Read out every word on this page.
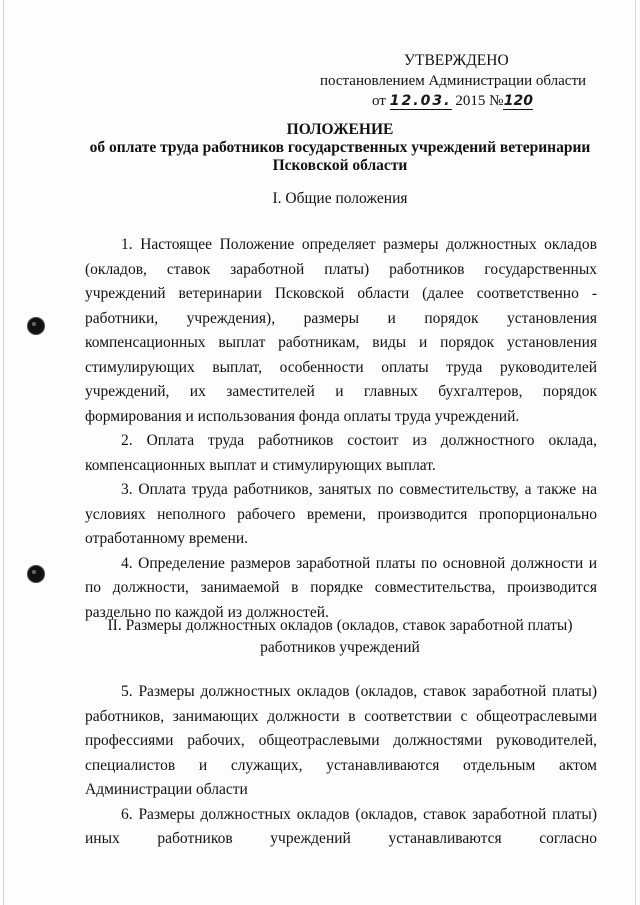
УТВЕРЖДЕНО
постановлением Администрации области
от 12.03. 2015 №120
ПОЛОЖЕНИЕ
об оплате труда работников государственных учреждений ветеринарии
Псковской области
I. Общие положения

1. Настоящее Положение определяет размеры должностных окладов (окладов, ставок заработной платы) работников государственных учреждений ветеринарии Псковской области (далее соответственно - работники, учреждения), размеры и порядок установления компенсационных выплат работникам, виды и порядок установления стимулирующих выплат, особенности оплаты труда руководителей учреждений, их заместителей и главных бухгалтеров, порядок формирования и использования фонда оплаты труда учреждений.

2. Оплата труда работников состоит из должностного оклада, компенсационных выплат и стимулирующих выплат.

3. Оплата труда работников, занятых по совместительству, а также на условиях неполного рабочего времени, производится пропорционально отработанному времени.

4. Определение размеров заработной платы по основной должности и по должности, занимаемой в порядке совместительства, производится раздельно по каждой из должностей.

II. Размеры должностных окладов (окладов, ставок заработной платы)
работников учреждений

5. Размеры должностных окладов (окладов, ставок заработной платы) работников, занимающих должности в соответствии с общеотраслевыми профессиями рабочих, общеотраслевыми должностями руководителей, специалистов и служащих, устанавливаются отдельным актом Администрации области

6. Размеры должностных окладов (окладов, ставок заработной платы) иных работников учреждений устанавливаются согласно
